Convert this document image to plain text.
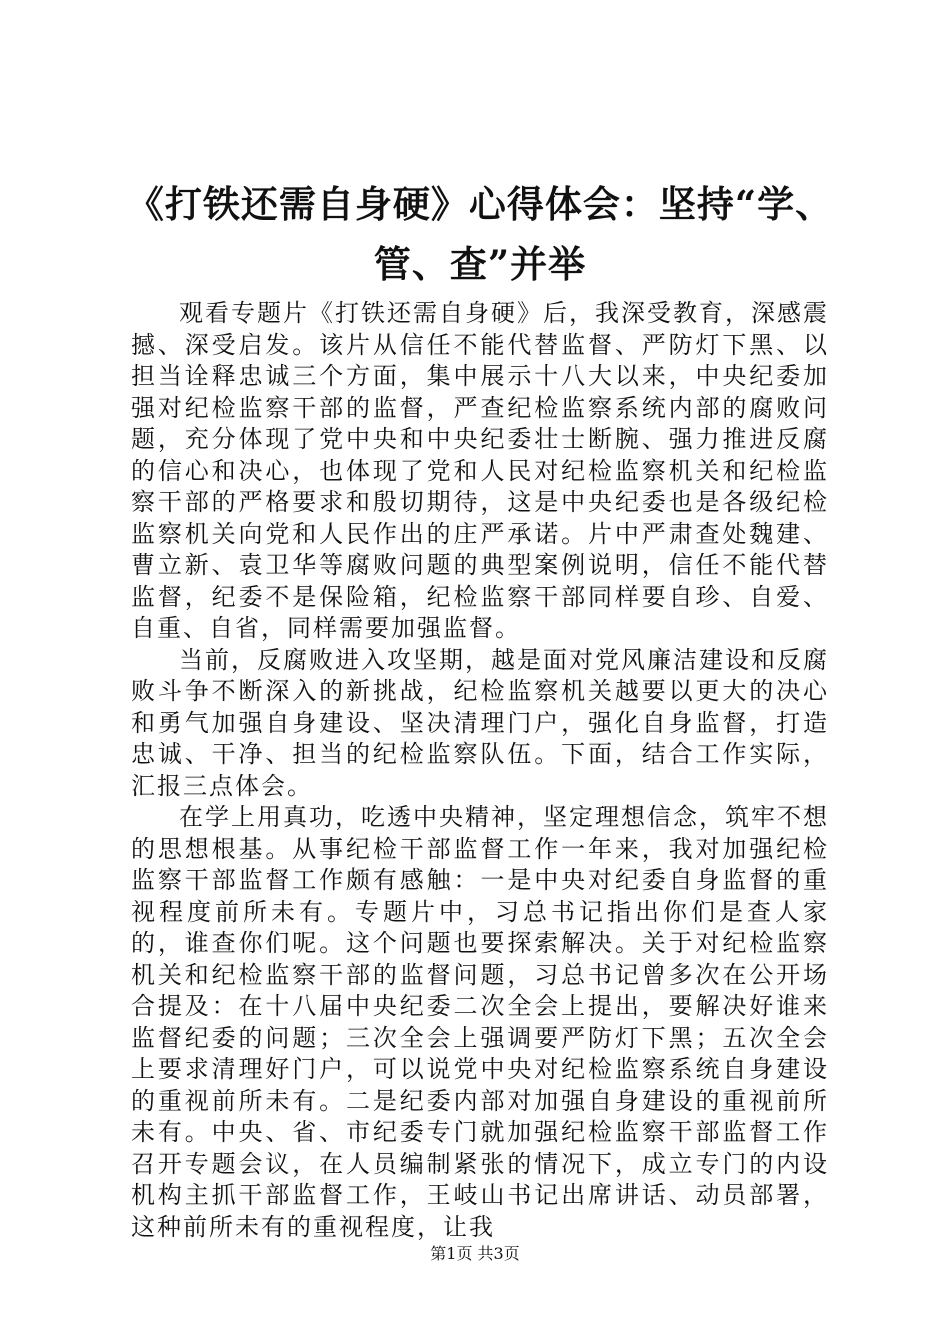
《打铁还需自身硬》心得体会：坚持“学、管、查”并举

观看专题片《打铁还需自身硬》后，我深受教育，深感震撼、深受启发。该片从信任不能代替监督、严防灯下黑、以担当诠释忠诚三个方面，集中展示十八大以来，中央纪委加强对纪检监察干部的监督，严查纪检监察系统内部的腐败问题，充分体现了党中央和中央纪委壮士断腕、强力推进反腐的信心和决心，也体现了党和人民对纪检监察机关和纪检监察干部的严格要求和殷切期待，这是中央纪委也是各级纪检监察机关向党和人民作出的庄严承诺。片中严肃查处魏建、曹立新、袁卫华等腐败问题的典型案例说明，信任不能代替监督，纪委不是保险箱，纪检监察干部同样要自珍、自爱、自重、自省，同样需要加强监督。

当前，反腐败进入攻坚期，越是面对党风廉洁建设和反腐败斗争不断深入的新挑战，纪检监察机关越要以更大的决心和勇气加强自身建设、坚决清理门户，强化自身监督，打造忠诚、干净、担当的纪检监察队伍。下面，结合工作实际，汇报三点体会。

在学上用真功，吃透中央精神，坚定理想信念，筑牢不想的思想根基。从事纪检干部监督工作一年来，我对加强纪检监察干部监督工作颇有感触：一是中央对纪委自身监督的重视程度前所未有。专题片中，习总书记指出你们是查人家的，谁查你们呢。这个问题也要探索解决。关于对纪检监察机关和纪检监察干部的监督问题，习总书记曾多次在公开场合提及：在十八届中央纪委二次全会上提出，要解决好谁来监督纪委的问题；三次全会上强调要严防灯下黑；五次全会上要求清理好门户，可以说党中央对纪检监察系统自身建设的重视前所未有。二是纪委内部对加强自身建设的重视前所未有。中央、省、市纪委专门就加强纪检监察干部监督工作召开专题会议，在人员编制紧张的情况下，成立专门的内设机构主抓干部监督工作，王岐山书记出席讲话、动员部署，这种前所未有的重视程度，让我

第1页 共3页
